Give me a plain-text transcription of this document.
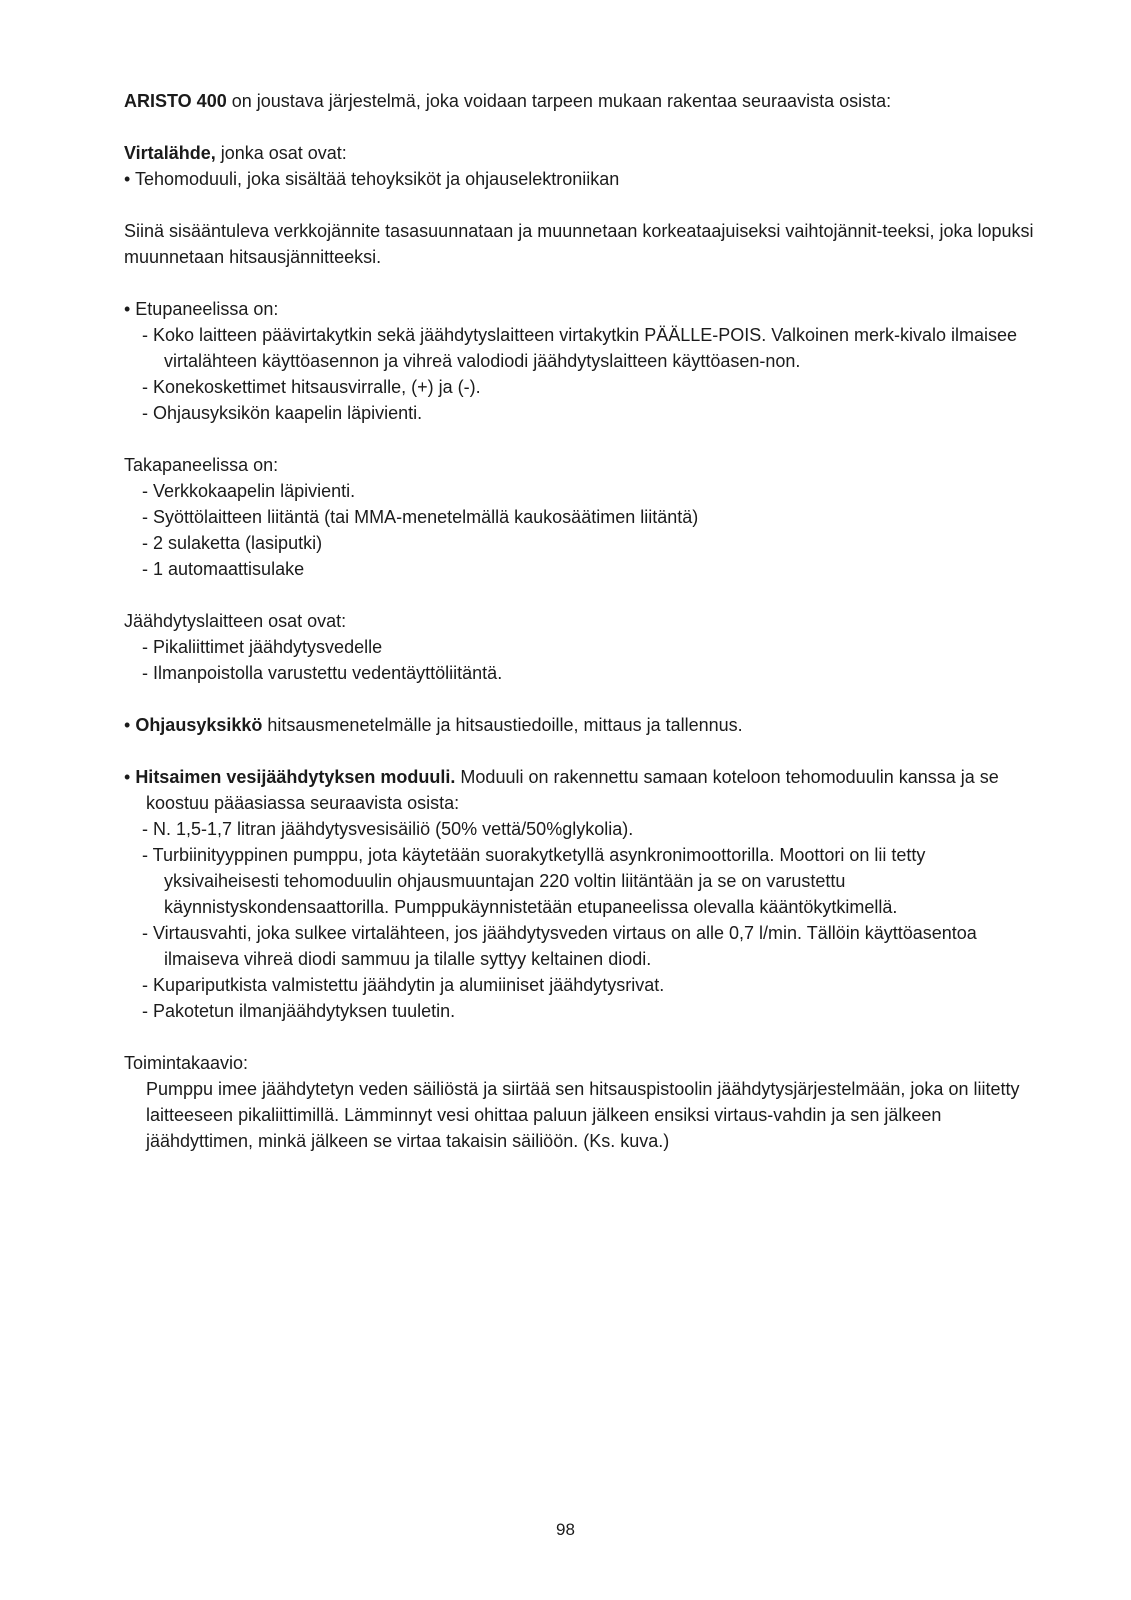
ARISTO 400 on joustava järjestelmä, joka voidaan tarpeen mukaan rakentaa seuraavista osista:

Virtalähde, jonka osat ovat:

• Tehomoduuli, joka sisältää tehoyksiköt ja ohjauselektroniikan

Siinä sisääntuleva verkkojännite tasasuunnataan ja muunnetaan korkeataajuiseksi vaihtojännit-teeksi, joka lopuksi muunnetaan hitsausjännitteeksi.

• Etupaneelissa on:

- Koko laitteen päävirtakytkin sekä jäähdytyslaitteen virtakytkin PÄÄLLE-POIS. Valkoinen merk-kivalo ilmaisee virtalähteen käyttöasennon ja vihreä valodiodi jäähdytyslaitteen käyttöasen-non.

- Konekoskettimet hitsausvirralle, (+) ja (-).

- Ohjausyksikön kaapelin läpivienti.

Takapaneelissa on:

- Verkkokaapelin läpivienti.

- Syöttölaitteen liitäntä (tai MMA-menetelmällä kaukosäätimen liitäntä)

- 2 sulaketta (lasiputki)

- 1 automaattisulake

Jäähdytyslaitteen osat ovat:

- Pikaliittimet jäähdytysvedelle

- Ilmanpoistolla varustettu vedentäyttöliitäntä.

• Ohjausyksikkö hitsausmenetelmälle ja hitsaustiedoille, mittaus ja tallennus.

• Hitsaimen vesijäähdytyksen moduuli. Moduuli on rakennettu samaan koteloon tehomoduulin kanssa ja se koostuu pääasiassa seuraavista osista:

- N. 1,5-1,7 litran jäähdytysvesisäiliö (50% vettä/50%glykolia).

- Turbiinityyppinen pumppu, jota käytetään suorakytketyllä asynkronimoottorilla. Moottori on lii tetty yksivaiheisesti tehomoduulin ohjausmuuntajan 220 voltin liitäntään ja se on varustettu käynnistyskondensaattorilla. Pumppukäynnistetään etupaneelissa olevalla kääntökytkimellä.

- Virtausvahti, joka sulkee virtalähteen, jos jäähdytysveden virtaus on alle 0,7 l/min. Tällöin käyttöasentoa ilmaiseva vihreä diodi sammuu ja tilalle syttyy keltainen diodi.

- Kupariputkista valmistettu jäähdytin ja alumiiniset jäähdytysrivat.

- Pakotetun ilmanjäähdytyksen tuuletin.

Toimintakaavio:

Pumppu imee jäähdytetyn veden säiliöstä ja siirtää sen hitsauspistoolin jäähdytysjärjestelmään, joka on liitetty laitteeseen pikaliittimillä. Lämminnyt vesi ohittaa paluun jälkeen ensiksi virtaus-vahdin ja sen jälkeen jäähdyttimen, minkä jälkeen se virtaa takaisin säiliöön. (Ks. kuva.)

98
